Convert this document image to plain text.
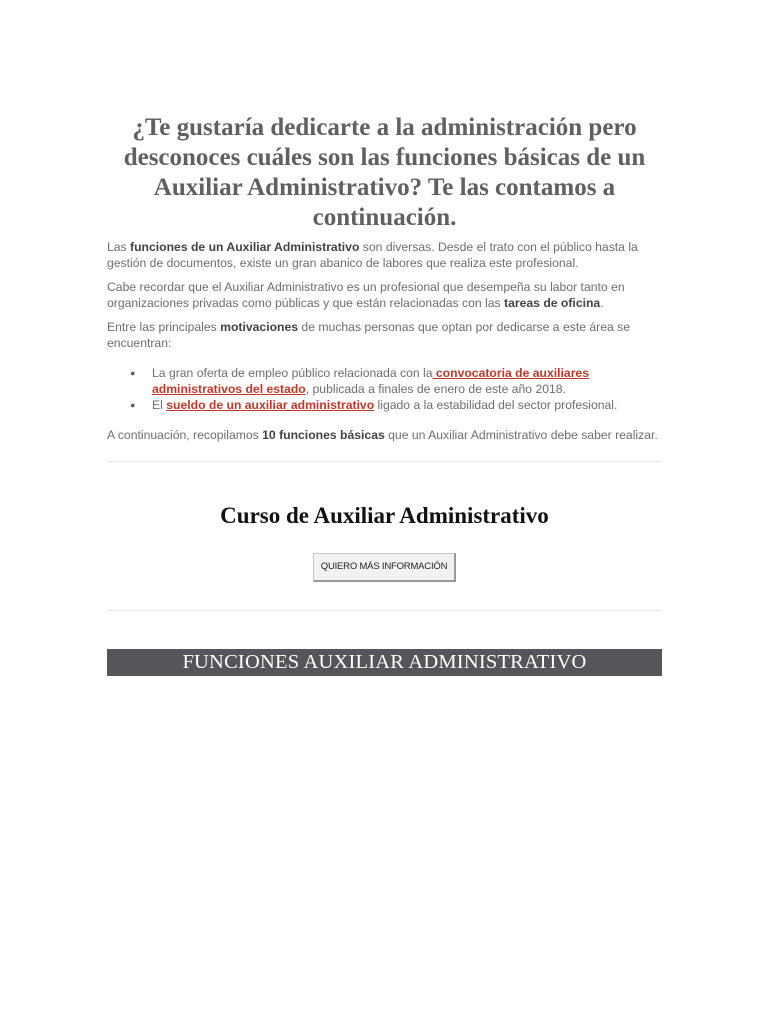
¿Te gustaría dedicarte a la administración pero desconoces cuáles son las funciones básicas de un Auxiliar Administrativo? Te las contamos a continuación.

Las funciones de un Auxiliar Administrativo son diversas. Desde el trato con el público hasta la gestión de documentos, existe un gran abanico de labores que realiza este profesional.

Cabe recordar que el Auxiliar Administrativo es un profesional que desempeña su labor tanto en organizaciones privadas como públicas y que están relacionadas con las tareas de oficina.

Entre las principales motivaciones de muchas personas que optan por dedicarse a este área se encuentran:

● La gran oferta de empleo público relacionada con la convocatoria de auxiliares administrativos del estado, publicada a finales de enero de este año 2018.
● El sueldo de un auxiliar administrativo ligado a la estabilidad del sector profesional.

A continuación, recopilamos 10 funciones básicas que un Auxiliar Administrativo debe saber realizar.

Curso de Auxiliar Administrativo
QUIERO MÁS INFORMACIÓN
FUNCIONES AUXILIAR ADMINISTRATIVO
